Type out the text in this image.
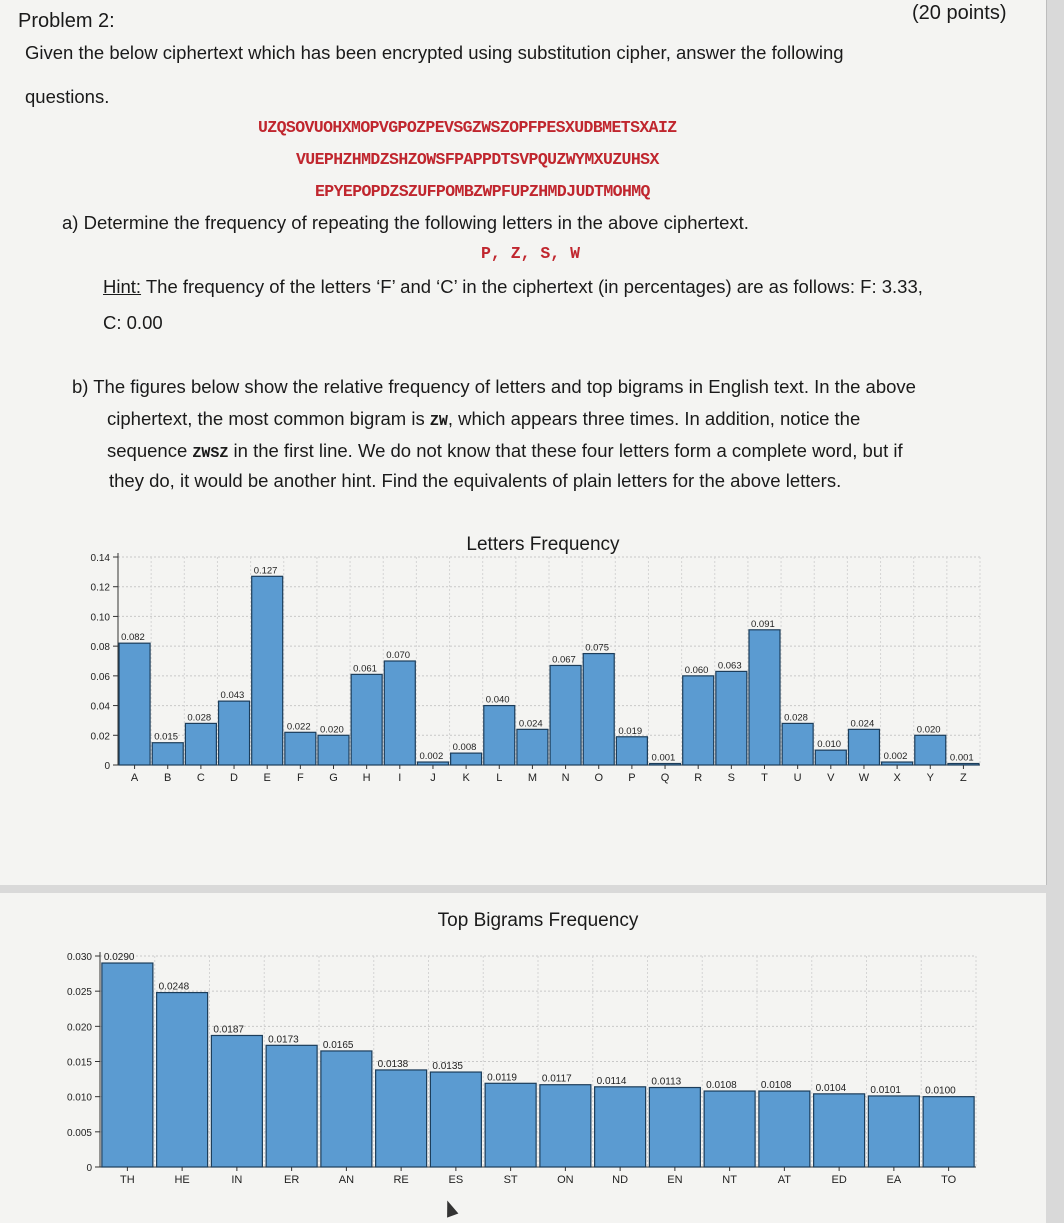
Problem 2:	(20 points)
Given the below ciphertext which has been encrypted using substitution cipher, answer the following
questions.
UZQSOVUOHXMOPVGPOZPEVSGZWSZOPFPESXUDBMETSXAIZ
VUEPHZHMDZSHZOWSFPAPPDTSVPQUZWYMXUZUHSX
EPYEPOPDZSZUFPOMBZWPFUPZHMDJUDTMOHMQ
a) Determine the frequency of repeating the following letters in the above ciphertext.
P, Z, S, W
Hint: The frequency of the letters ‘F’ and ‘C’ in the ciphertext (in percentages) are as follows: F: 3.33,
C: 0.00
b) The figures below show the relative frequency of letters and top bigrams in English text. In the above
ciphertext, the most common bigram is ZW, which appears three times. In addition, notice the
sequence ZWSZ in the first line. We do not know that these four letters form a complete word, but if
they do, it would be another hint. Find the equivalents of plain letters for the above letters.
Letters Frequency
0
0.02
0.04
0.06
0.08
0.10
0.12
0.14
0.082
A
0.015
B
0.028
C
0.043
D
0.127
E
0.022
F
0.020
G
0.061
H
0.070
I
0.002
J
0.008
K
0.040
L
0.024
M
0.067
N
0.075
O
0.019
P
0.001
Q
0.060
R
0.063
S
0.091
T
0.028
U
0.010
V
0.024
W
0.002
X
0.020
Y
0.001
Z
Top Bigrams Frequency
0
0.005
0.010
0.015
0.020
0.025
0.030 0.0290
TH
0.0248
HE
0.0187
IN
0.0173
ER
0.0165
AN
0.0138
RE
0.0135
ES
0.0119
ST
0.0117
ON
0.0114
ND
0.0113
EN
0.0108
NT
0.0108
AT
0.0104
ED
0.0101
EA
0.0100
TO
